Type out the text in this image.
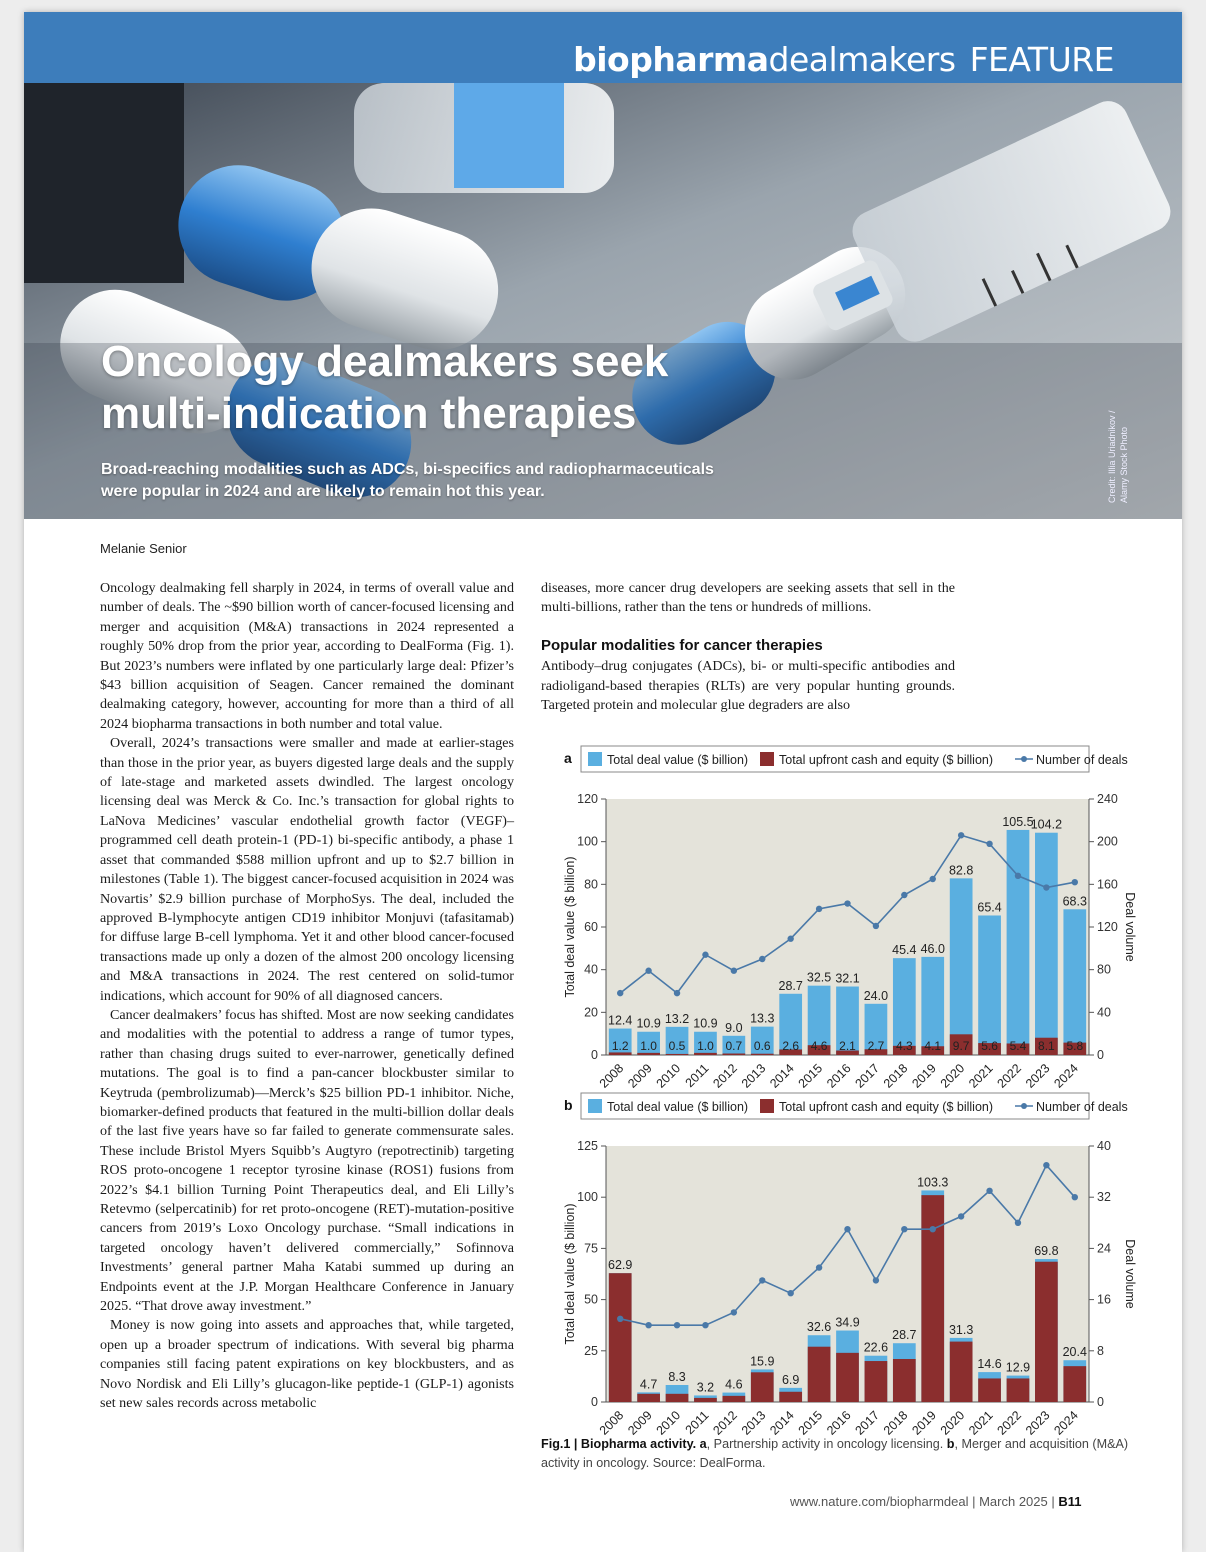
biopharmadealmakers FEATURE
Oncology dealmakers seek
multi-indication therapies
Broad-reaching modalities such as ADCs, bi-specifics and radiopharmaceuticals
were popular in 2024 and are likely to remain hot this year.	Credit: Illia Uriadnikov / Alamy Stock Photo
Melanie Senior

Oncology dealmaking fell sharply in 2024, in terms of overall value and number of deals. The ~$90 billion worth of cancer-focused licensing and merger and acquisition (M&A) transactions in 2024 represented a roughly 50% drop from the prior year, according to DealForma (Fig. 1). But 2023’s numbers were inflated by one particularly large deal: Pfizer’s $43 billion acquisition of Seagen. Cancer remained the dominant dealmaking category, however, accounting for more than a third of all 2024 biopharma transactions in both number and total value.

Overall, 2024’s transactions were smaller and made at earlier-stages than those in the prior year, as buyers digested large deals and the supply of late-stage and marketed assets dwindled. The largest oncology licensing deal was Merck & Co. Inc.’s transaction for global rights to LaNova Medicines’ vascular endothelial growth factor (VEGF)–programmed cell death protein-1 (PD-1) bi-specific antibody, a phase 1 asset that commanded $588 million upfront and up to $2.7 billion in milestones (Table 1). The biggest cancer-focused acquisition in 2024 was Novartis’ $2.9 billion purchase of MorphoSys. The deal, included the approved B-lymphocyte antigen CD19 inhibitor Monjuvi (tafasitamab) for diffuse large B-cell lymphoma. Yet it and other blood cancer-focused transactions made up only a dozen of the almost 200 oncology licensing and M&A transactions in 2024. The rest centered on solid-tumor indications, which account for 90% of all diagnosed cancers.

Cancer dealmakers’ focus has shifted. Most are now seeking candidates and modalities with the potential to address a range of tumor types, rather than chasing drugs suited to ever-narrower, genetically defined mutations. The goal is to find a pan-cancer blockbuster similar to Keytruda (pembrolizumab)—Merck’s $25 billion PD-1 inhibitor. Niche, biomarker-defined products that featured in the multi-billion dollar deals of the last five years have so far failed to generate commensurate sales. These include Bristol Myers Squibb’s Augtyro (repotrectinib) targeting ROS proto-oncogene 1 receptor tyrosine kinase (ROS1) fusions from 2022’s $4.1 billion Turning Point Therapeutics deal, and Eli Lilly’s Retevmo (selpercatinib) for ret proto-oncogene (RET)-mutation-positive cancers from 2019’s Loxo Oncology purchase. “Small indications in targeted oncology haven’t delivered commercially,” Sofinnova Investments’ general partner Maha Katabi summed up during an Endpoints event at the J.P. Morgan Healthcare Conference in January 2025. “That drove away investment.”

Money is now going into assets and approaches that, while targeted, open up a broader spectrum of indications. With several big pharma companies still facing patent expirations on key blockbusters, and as Novo Nordisk and Eli Lilly’s glucagon-like peptide-1 (GLP-1) agonists set new sales records across metabolic

diseases, more cancer drug developers are seeking assets that sell in the multi-billions, rather than the tens or hundreds of millions.

Popular modalities for cancer therapies

Antibody–drug conjugates (ADCs), bi- or multi-specific antibodies and radioligand-based therapies (RLTs) are very popular hunting grounds. Targeted protein and molecular glue degraders are also

a	Total deal value ($ billion) Total upfront cash and equity ($ billion)	Number of deals
0
20
40
60
80
100
120
0
40
80
120
160
200
240
Total deal value ($ billion)	Deal volume
12.4
1.2
2008
10.9
1.0
2009
13.2
0.5
2010
10.9
1.0
2011
9.0
0.7
2012
13.3
0.6
2013
28.7
2.6
2014
32.5
4.6
2015
32.1
2.1
2016
24.0
2.7
2017
45.4
4.3
2018
46.0
4.1
2019
82.8
9.7
2020
65.4
5.6
2021
105.5
5.4
2022
104.2
8.1
2023
68.3
5.8
2024
b	Total deal value ($ billion) Total upfront cash and equity ($ billion)	Number of deals
0
25
50
75
100
125
0
8
16
24
32
40
Total deal value ($ billion)	Deal volume
62.9
2008
4.7
2009
8.3
2010
3.2
2011
4.6
2012
15.9
2013
6.9
2014
32.6
2015
34.9
2016
22.6
2017
28.7
2018
103.3
2019
31.3
2020
14.6
2021
12.9
2022
69.8
2023
20.4
2024
Fig.1 | Biopharma activity. a, Partnership activity in oncology licensing. b, Merger and acquisition (M&A) activity in oncology. Source: DealForma.
www.nature.com/biopharmdeal | March 2025 | B11
